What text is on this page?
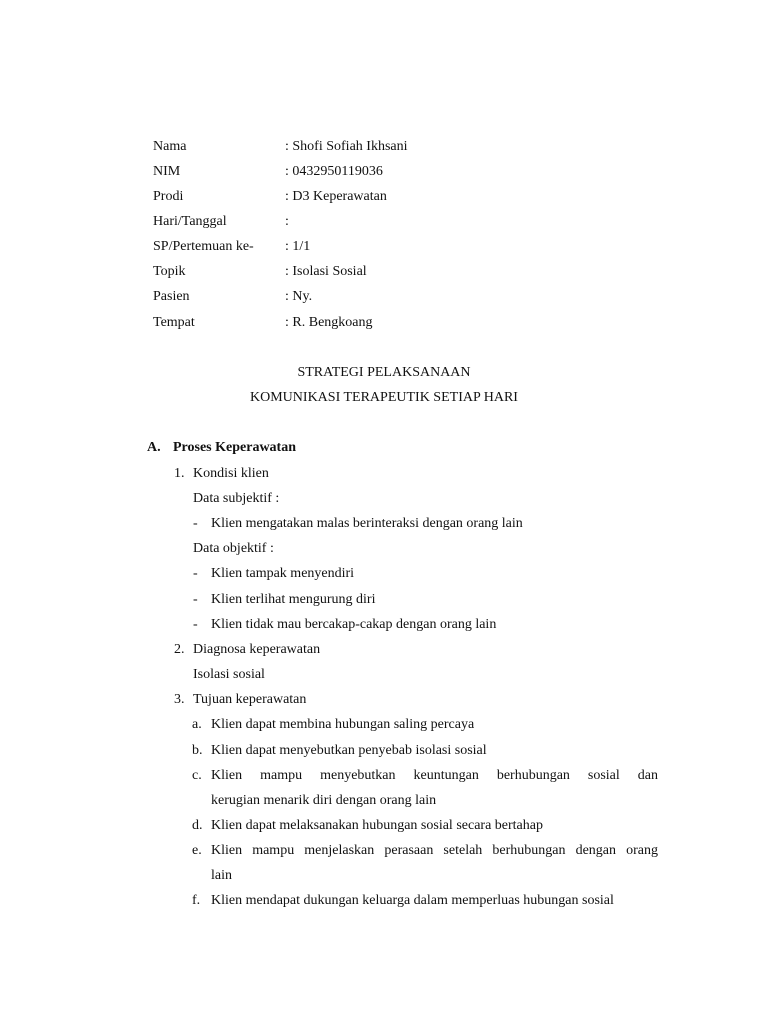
Nama	: Shofi Sofiah Ikhsani
NIM	: 0432950119036
Prodi	: D3 Keperawatan
Hari/Tanggal	:
SP/Pertemuan ke- : 1/1
Topik	: Isolasi Sosial
Pasien	: Ny.
Tempat	: R. Bengkoang
STRATEGI PELAKSANAAN
KOMUNIKASI TERAPEUTIK SETIAP HARI
A. Proses Keperawatan
1. Kondisi klien
Data subjektif :
- Klien mengatakan malas berinteraksi dengan orang lain
Data objektif :
- Klien tampak menyendiri
- Klien terlihat mengurung diri
- Klien tidak mau bercakap-cakap dengan orang lain
2. Diagnosa keperawatan
Isolasi sosial
3. Tujuan keperawatan
a. Klien dapat membina hubungan saling percaya
b. Klien dapat menyebutkan penyebab isolasi sosial
c. Klien mampu menyebutkan keuntungan berhubungan sosial dan
kerugian menarik diri dengan orang lain
d. Klien dapat melaksanakan hubungan sosial secara bertahap
e. Klien mampu menjelaskan perasaan setelah berhubungan dengan orang
lain
f. Klien mendapat dukungan keluarga dalam memperluas hubungan sosial
